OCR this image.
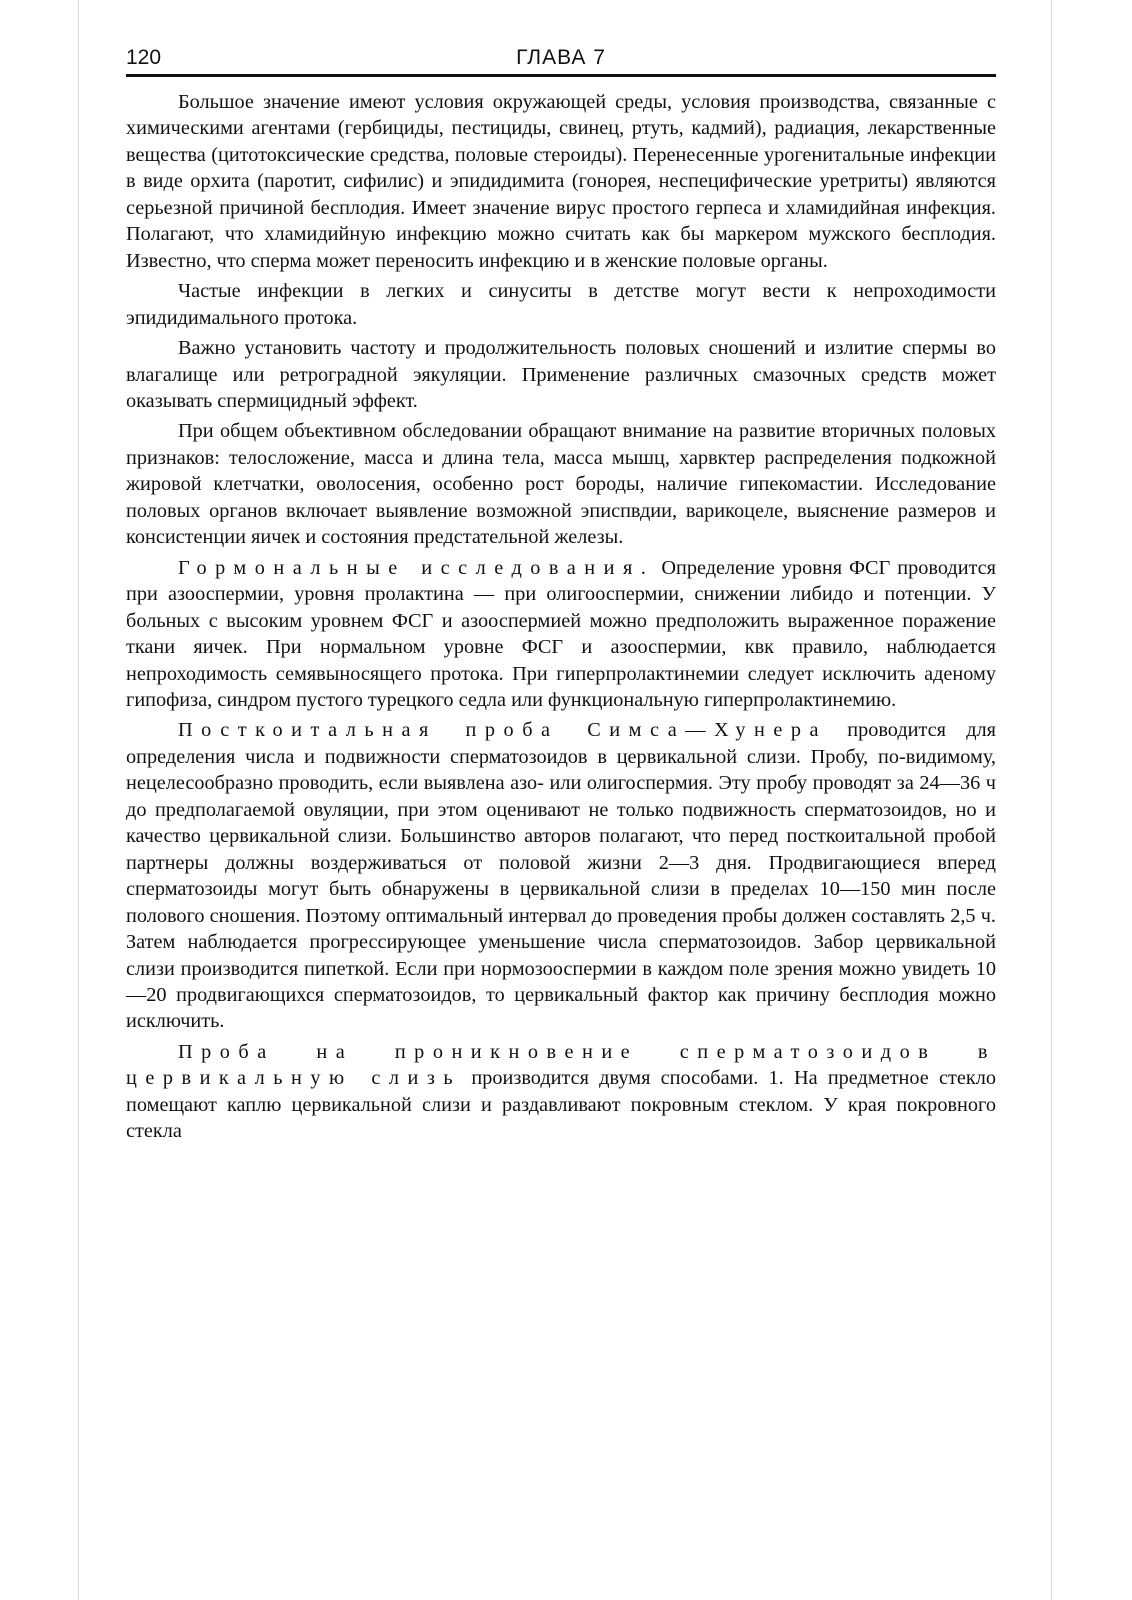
120	ГЛАВА 7

Большое значение имеют условия окружающей среды, условия производства, связанные с химическими агентами (гербициды, пестициды, свинец, ртуть, кадмий), радиация, лекарственные вещества (цитотоксические средства, половые стероиды). Перенесенные урогенитальные инфекции в виде орхита (паротит, сифилис) и эпидидимита (гонорея, неспецифические уретриты) являются серьезной причиной бесплодия. Имеет значение вирус простого герпеса и хламидийная инфекция. Полагают, что хламидийную инфекцию можно считать как бы маркером мужского бесплодия. Известно, что сперма может переносить инфекцию и в женские половые органы.

Частые инфекции в легких и синуситы в детстве могут вести к непроходимости эпидидимального протока.

Важно установить частоту и продолжительность половых сношений и излитие спермы во влагалище или ретроградной эякуляции. Применение различных смазочных средств может оказывать спермицидный эффект.

При общем объективном обследовании обращают внимание на развитие вторичных половых признаков: телосложение, масса и длина тела, масса мышц, харвктер распределения подкожной жировой клетчатки, оволосения, особенно рост бороды, наличие гипекомастии. Исследование половых органов включает выявление возможной эписпвдии, варикоцеле, выяснение размеров и консистенции яичек и состояния предстательной железы.

Гормональные исследования. Определение уровня ФСГ проводится при азооспермии, уровня пролактина — при олигооспермии, снижении либидо и потенции. У больных с высоким уровнем ФСГ и азооспермией можно предположить выраженное поражение ткани яичек. При нормальном уровне ФСГ и азооспермии, квк правило, наблюдается непроходимость семявыносящего протока. При гиперпролактинемии следует исключить аденому гипофиза, синдром пустого турецкого седла или функциональную гиперпролактинемию.

Посткоитальная проба Симса—Хунера проводится для определения числа и подвижности сперматозоидов в цервикальной слизи. Пробу, по-видимому, нецелесообразно проводить, если выявлена азо- или олигоспермия. Эту пробу проводят за 24—36 ч до предполагаемой овуляции, при этом оценивают не только подвижность сперматозоидов, но и качество цервикальной слизи. Большинство авторов полагают, что перед посткоитальной пробой партнеры должны воздерживаться от половой жизни 2—3 дня. Продвигающиеся вперед сперматозоиды могут быть обнаружены в цервикальной слизи в пределах 10—150 мин после полового сношения. Поэтому оптимальный интервал до проведения пробы должен составлять 2,5 ч. Затем наблюдается прогрессирующее уменьшение числа сперматозоидов. Забор цервикальной слизи производится пипеткой. Если при нормозооспермии в каждом поле зрения можно увидеть 10—20 продвигающихся сперматозоидов, то цервикальный фактор как причину бесплодия можно исключить.

Проба на проникновение сперматозоидов в цервикальную слизь производится двумя способами. 1. На предметное стекло помещают каплю цервикальной слизи и раздавливают покровным стеклом. У края покровного стекла
